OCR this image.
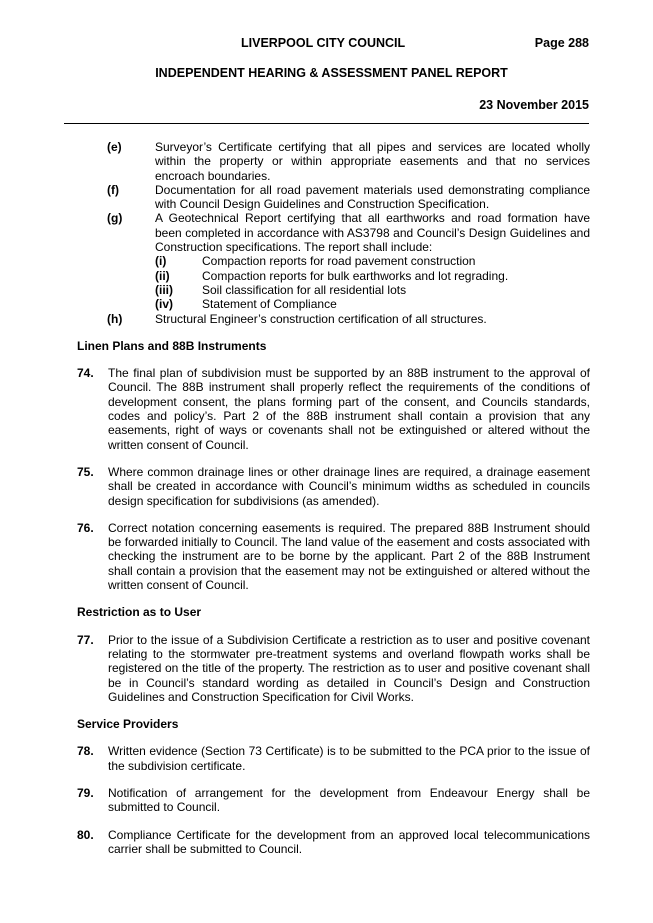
LIVERPOOL CITY COUNCIL	Page 288
INDEPENDENT HEARING & ASSESSMENT PANEL REPORT
23 November 2015
(e)	Surveyor’s Certificate certifying that all pipes and services are located wholly within the property or within appropriate easements and that no services encroach boundaries.
(f)	Documentation for all road pavement materials used demonstrating compliance with Council Design Guidelines and Construction Specification.
(g)	A Geotechnical Report certifying that all earthworks and road formation have been completed in accordance with AS3798 and Council’s Design Guidelines and Construction specifications. The report shall include:
(i)	Compaction reports for road pavement construction
(ii)	Compaction reports for bulk earthworks and lot regrading.
(iii)	Soil classification for all residential lots
(iv)	Statement of Compliance
(h)	Structural Engineer’s construction certification of all structures.
Linen Plans and 88B Instruments
74.	The final plan of subdivision must be supported by an 88B instrument to the approval of Council. The 88B instrument shall properly reflect the requirements of the conditions of development consent, the plans forming part of the consent, and Councils standards, codes and policy’s. Part 2 of the 88B instrument shall contain a provision that any easements, right of ways or covenants shall not be extinguished or altered without the written consent of Council.
75.	Where common drainage lines or other drainage lines are required, a drainage easement shall be created in accordance with Council’s minimum widths as scheduled in councils design specification for subdivisions (as amended).
76.	Correct notation concerning easements is required. The prepared 88B Instrument should be forwarded initially to Council. The land value of the easement and costs associated with checking the instrument are to be borne by the applicant. Part 2 of the 88B Instrument shall contain a provision that the easement may not be extinguished or altered without the written consent of Council.
Restriction as to User
77.	Prior to the issue of a Subdivision Certificate a restriction as to user and positive covenant relating to the stormwater pre-treatment systems and overland flowpath works shall be registered on the title of the property. The restriction as to user and positive covenant shall be in Council’s standard wording as detailed in Council’s Design and Construction Guidelines and Construction Specification for Civil Works.
Service Providers
78.	Written evidence (Section 73 Certificate) is to be submitted to the PCA prior to the issue of the subdivision certificate.
79.	Notification of arrangement for the development from Endeavour Energy shall be submitted to Council.
80.	Compliance Certificate for the development from an approved local telecommunications carrier shall be submitted to Council.
